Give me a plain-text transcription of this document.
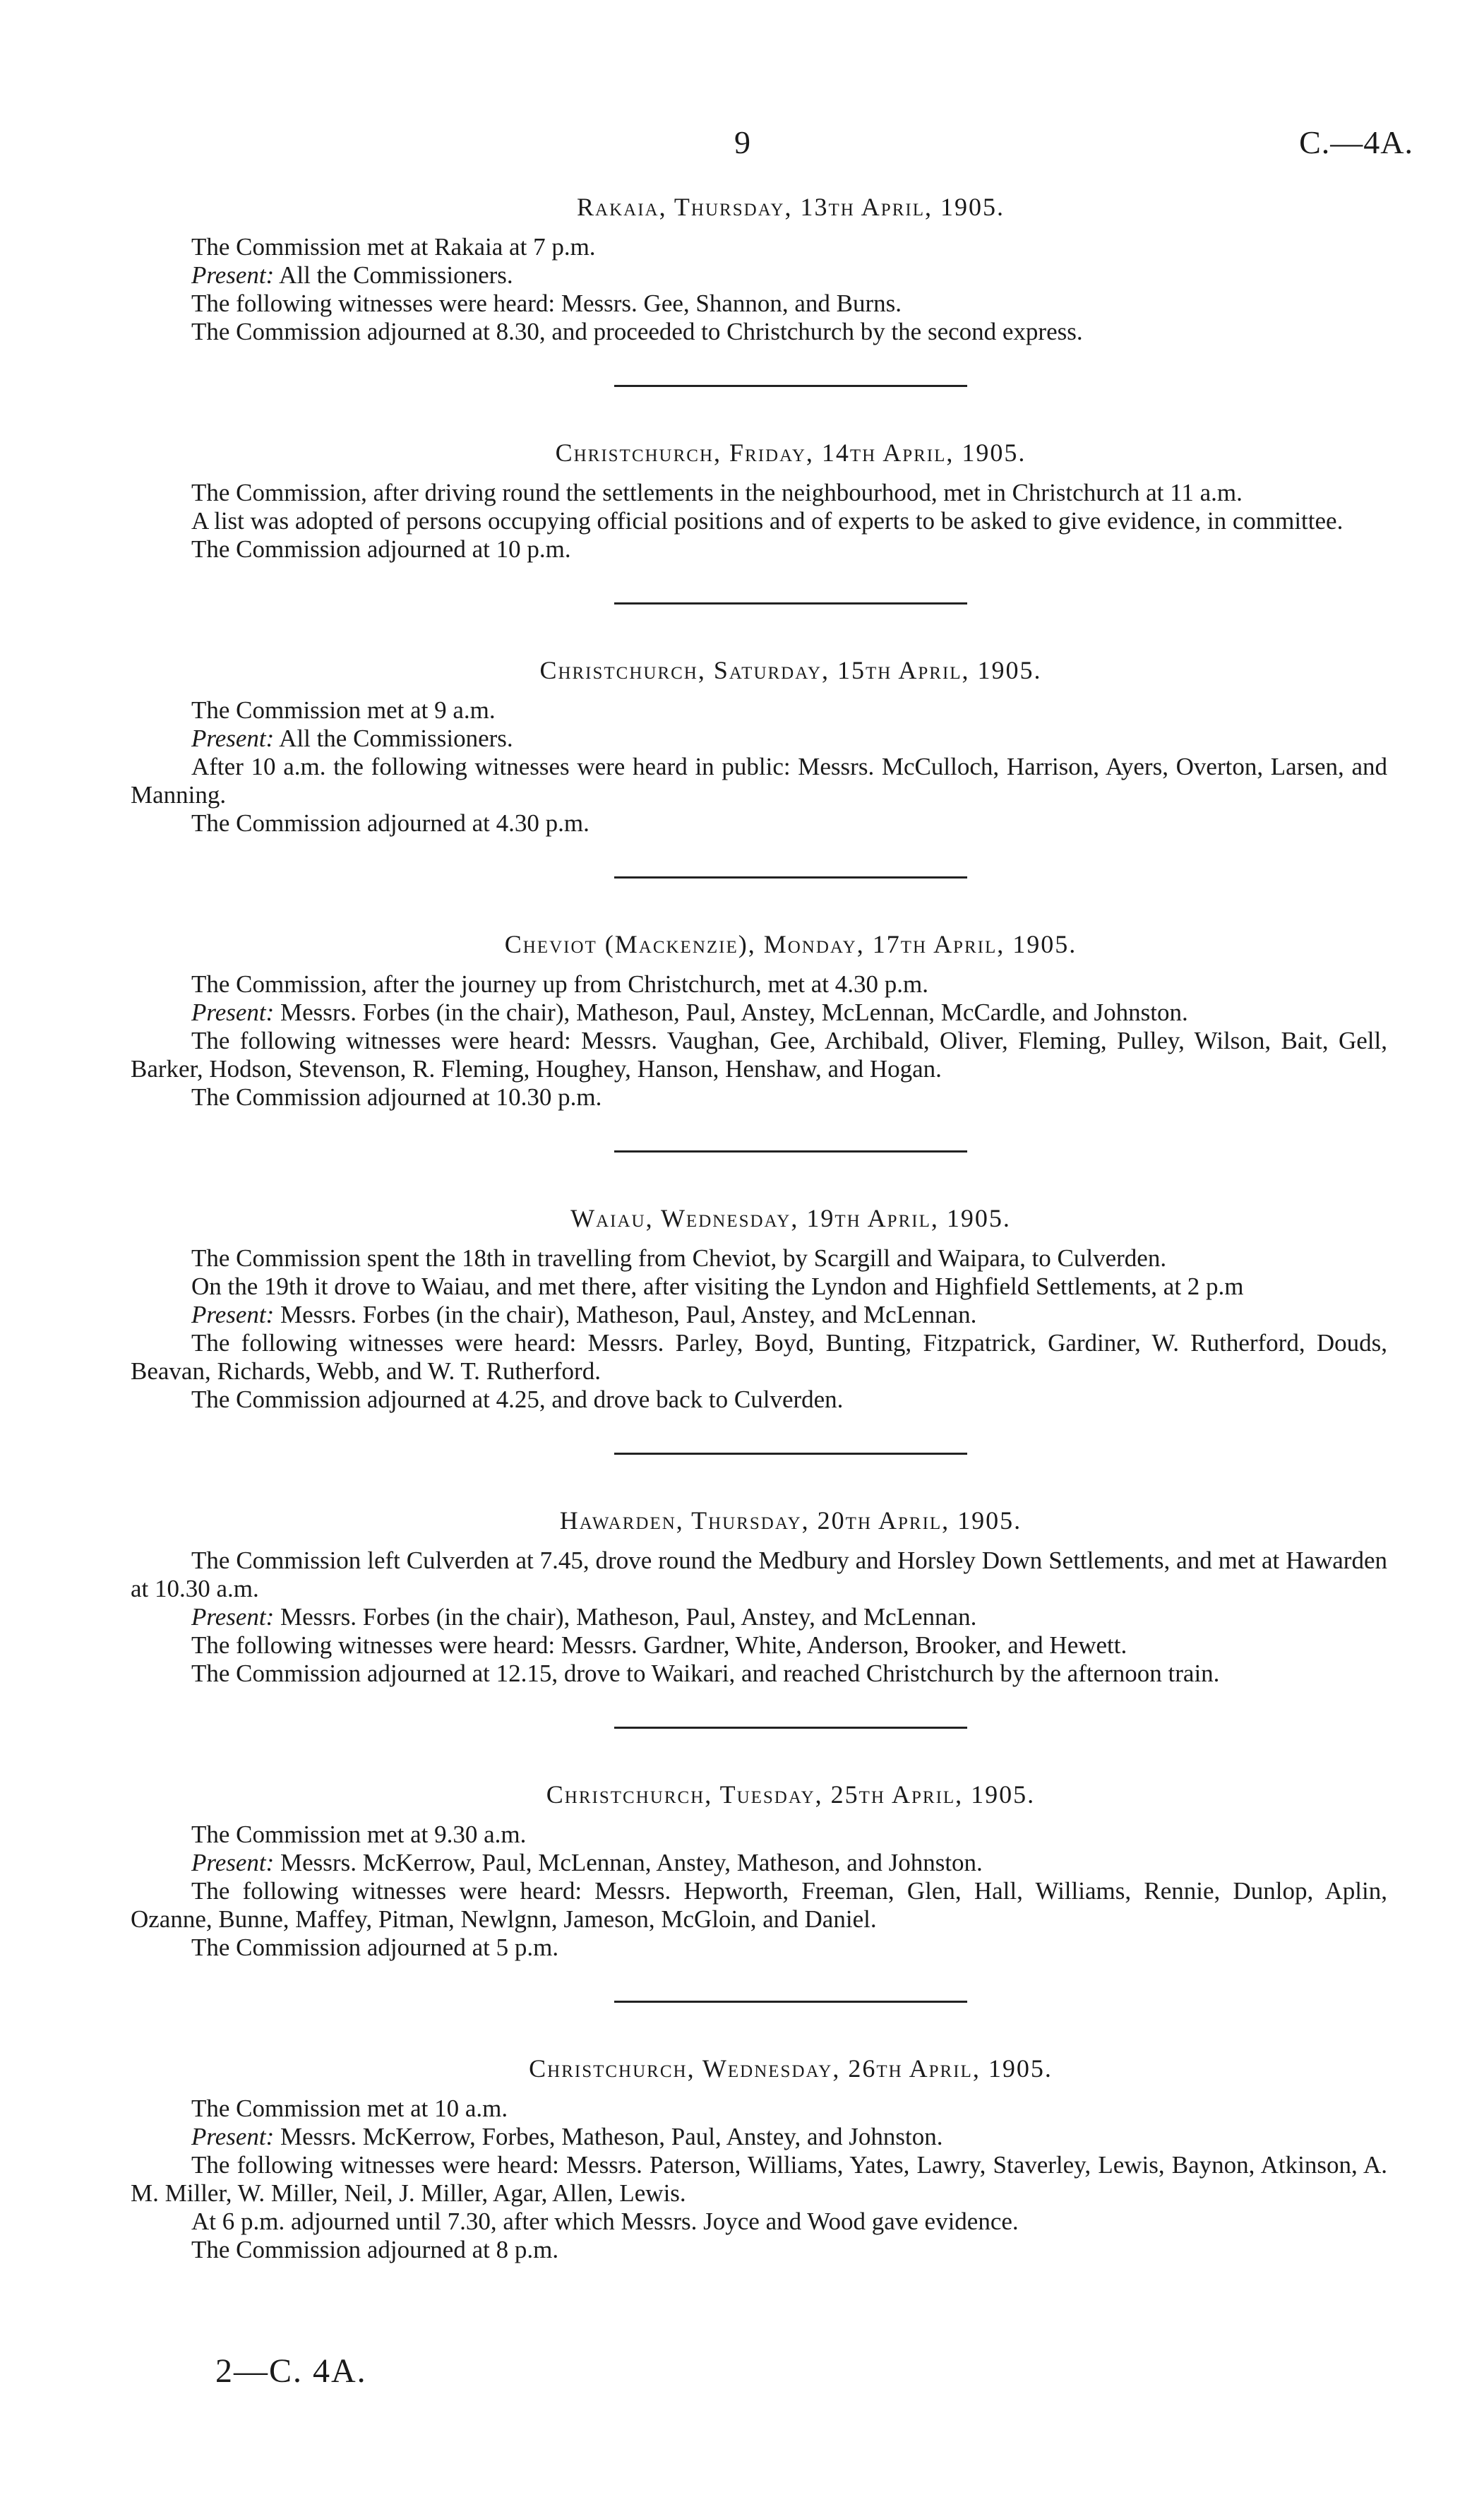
9	C.—4A.
Rakaia, Thursday, 13th April, 1905.

The Commission met at Rakaia at 7 p.m.

Present: All the Commissioners.

The following witnesses were heard: Messrs. Gee, Shannon, and Burns.

The Commission adjourned at 8.30, and proceeded to Christchurch by the second express.

Christchurch, Friday, 14th April, 1905.

The Commission, after driving round the settlements in the neighbourhood, met in Christchurch at 11 a.m.

A list was adopted of persons occupying official positions and of experts to be asked to give evidence, in committee.

The Commission adjourned at 10 p.m.

Christchurch, Saturday, 15th April, 1905.

The Commission met at 9 a.m.

Present: All the Commissioners.

After 10 a.m. the following witnesses were heard in public: Messrs. McCulloch, Harrison, Ayers, Overton, Larsen, and Manning.

The Commission adjourned at 4.30 p.m.

Cheviot (Mackenzie), Monday, 17th April, 1905.

The Commission, after the journey up from Christchurch, met at 4.30 p.m.

Present: Messrs. Forbes (in the chair), Matheson, Paul, Anstey, McLennan, McCardle, and Johnston.

The following witnesses were heard: Messrs. Vaughan, Gee, Archibald, Oliver, Fleming, Pulley, Wilson, Bait, Gell, Barker, Hodson, Stevenson, R. Fleming, Houghey, Hanson, Henshaw, and Hogan.

The Commission adjourned at 10.30 p.m.

Waiau, Wednesday, 19th April, 1905.

The Commission spent the 18th in travelling from Cheviot, by Scargill and Waipara, to Culverden.

On the 19th it drove to Waiau, and met there, after visiting the Lyndon and Highfield Settlements, at 2 p.m

Present: Messrs. Forbes (in the chair), Matheson, Paul, Anstey, and McLennan.

The following witnesses were heard: Messrs. Parley, Boyd, Bunting, Fitzpatrick, Gardiner, W. Rutherford, Douds, Beavan, Richards, Webb, and W. T. Rutherford.

The Commission adjourned at 4.25, and drove back to Culverden.

Hawarden, Thursday, 20th April, 1905.

The Commission left Culverden at 7.45, drove round the Medbury and Horsley Down Settlements, and met at Hawarden at 10.30 a.m.

Present: Messrs. Forbes (in the chair), Matheson, Paul, Anstey, and McLennan.

The following witnesses were heard: Messrs. Gardner, White, Anderson, Brooker, and Hewett.

The Commission adjourned at 12.15, drove to Waikari, and reached Christchurch by the afternoon train.

Christchurch, Tuesday, 25th April, 1905.

The Commission met at 9.30 a.m.

Present: Messrs. McKerrow, Paul, McLennan, Anstey, Matheson, and Johnston.

The following witnesses were heard: Messrs. Hepworth, Freeman, Glen, Hall, Williams, Rennie, Dunlop, Aplin, Ozanne, Bunne, Maffey, Pitman, Newlgnn, Jameson, McGloin, and Daniel.

The Commission adjourned at 5 p.m.

Christchurch, Wednesday, 26th April, 1905.

The Commission met at 10 a.m.

Present: Messrs. McKerrow, Forbes, Matheson, Paul, Anstey, and Johnston.

The following witnesses were heard: Messrs. Paterson, Williams, Yates, Lawry, Staverley, Lewis, Baynon, Atkinson, A. M. Miller, W. Miller, Neil, J. Miller, Agar, Allen, Lewis.

At 6 p.m. adjourned until 7.30, after which Messrs. Joyce and Wood gave evidence.

The Commission adjourned at 8 p.m.

2—C. 4A.
